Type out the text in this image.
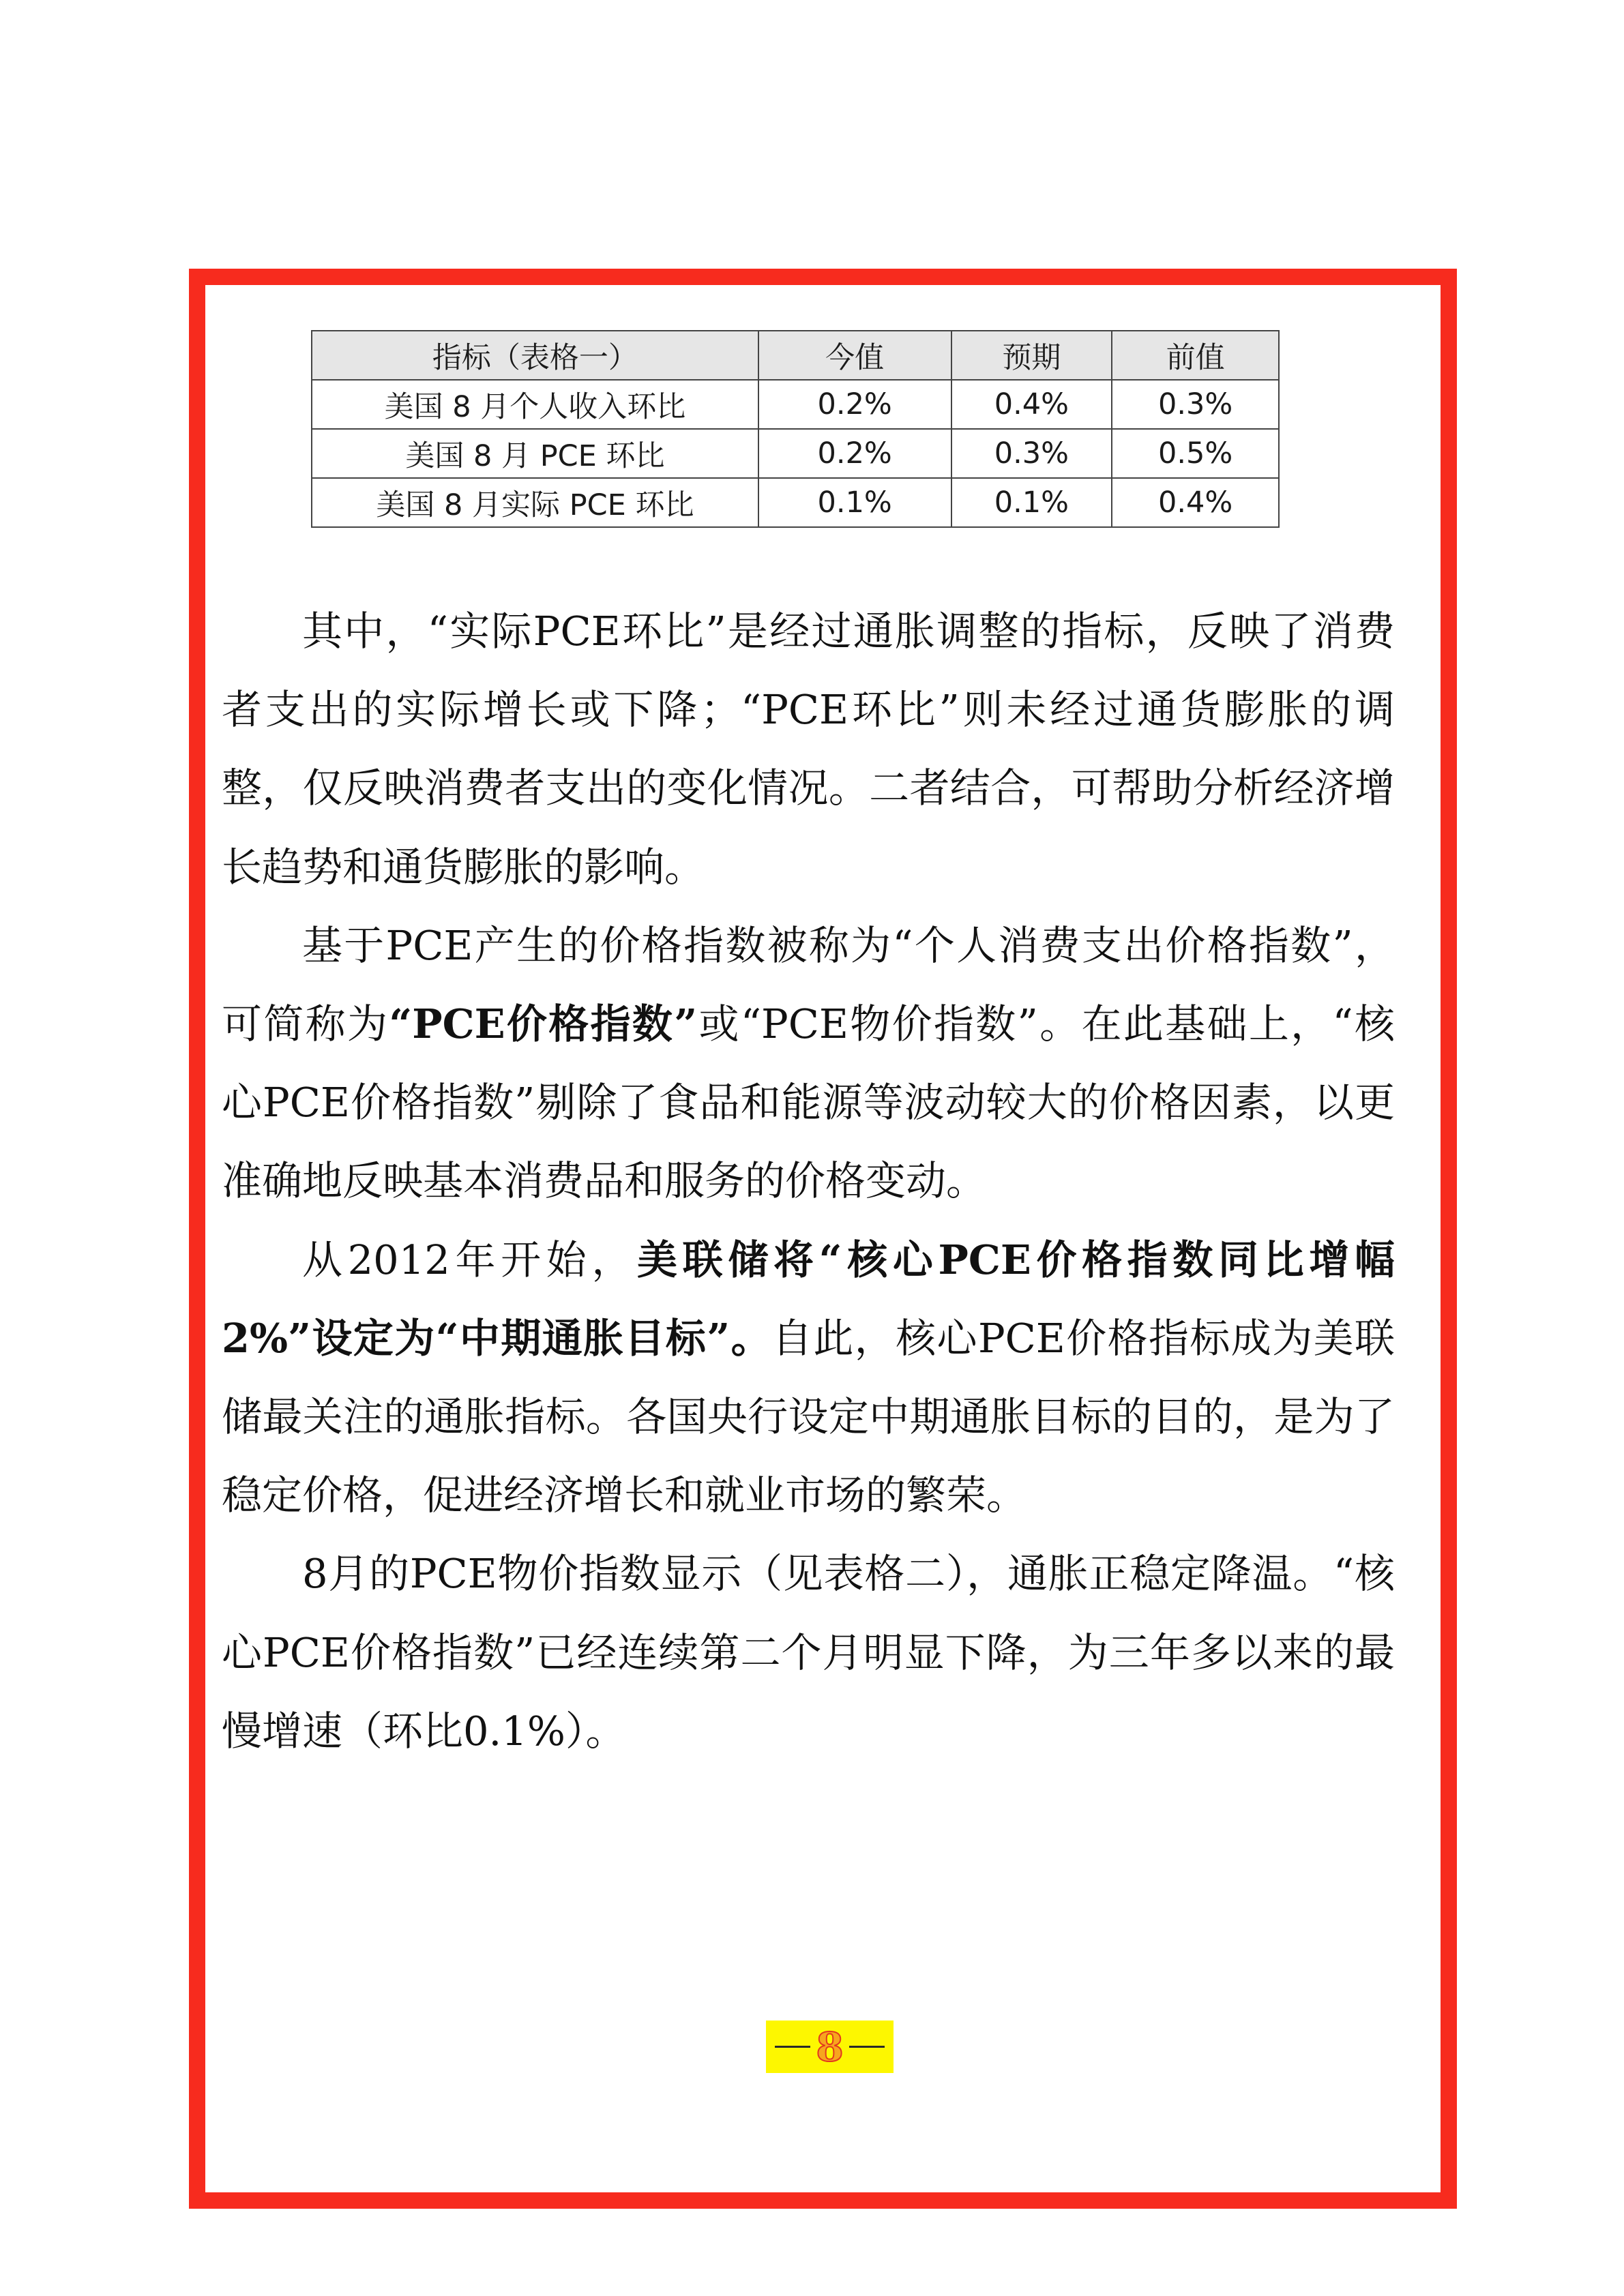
指标（表格一）	今值	预期	前值
美国 8 月个人收入环比	0.2%	0.4%	0.3%
美国 8 月 PCE 环比	0.2%	0.3%	0.5%
美国 8 月实际 PCE 环比	0.1%	0.1%	0.4%

其中，“实际PCE环比”是经过通胀调整的指标，反映了消费者支出的实际增长或下降；“PCE环比”则未经过通货膨胀的调整，仅反映消费者支出的变化情况。二者结合，可帮助分析经济增长趋势和通货膨胀的影响。

基于PCE产生的价格指数被称为“个人消费支出价格指数”，可简称为“PCE价格指数”或“PCE物价指数”。在此基础上，“核心PCE价格指数”剔除了食品和能源等波动较大的价格因素，以更准确地反映基本消费品和服务的价格变动。

从2012年开始，美联储将“核心PCE价格指数同比增幅2%”设定为“中期通胀目标”。自此，核心PCE价格指标成为美联储最关注的通胀指标。各国央行设定中期通胀目标的目的，是为了稳定价格，促进经济增长和就业市场的繁荣。

8月的PCE物价指数显示（见表格二），通胀正稳定降温。“核心PCE价格指数”已经连续第二个月明显下降，为三年多以来的最慢增速（环比0.1%）。

8
